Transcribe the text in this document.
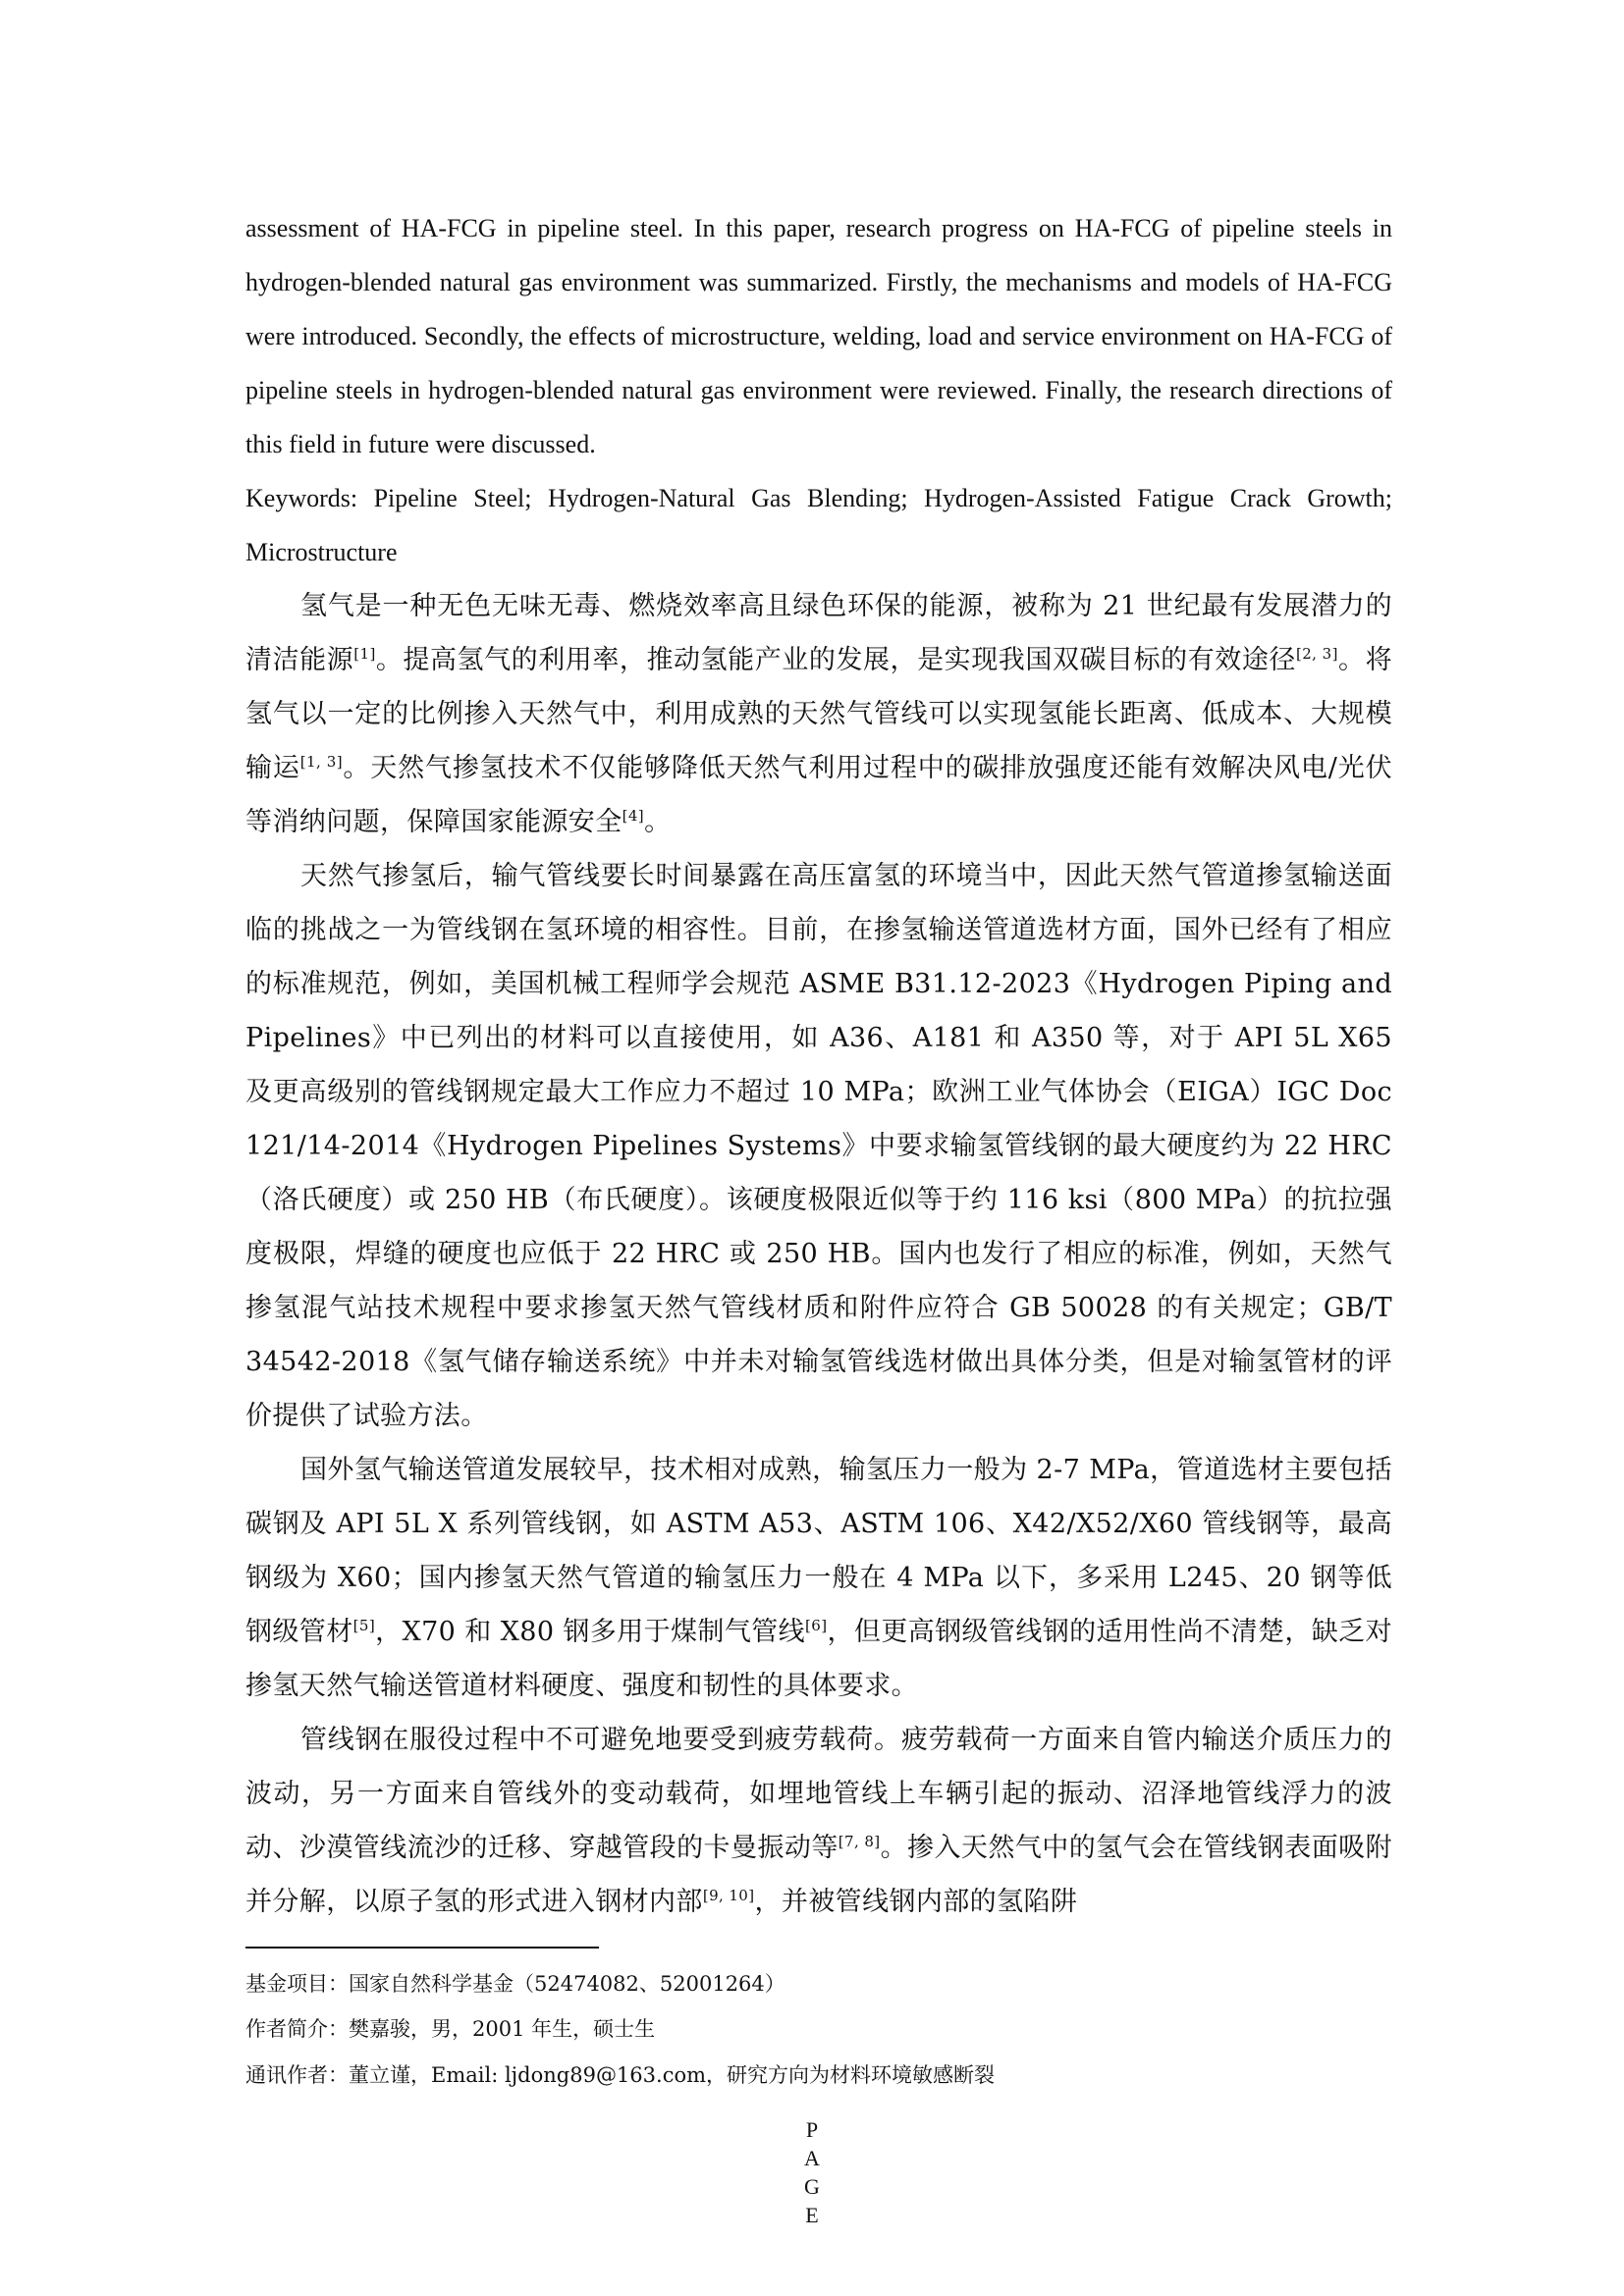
assessment of HA-FCG in pipeline steel. In this paper, research progress on HA-FCG of pipeline steels in hydrogen-blended natural gas environment was summarized. Firstly, the mechanisms and models of HA-FCG were introduced. Secondly, the effects of microstructure, welding, load and service environment on HA-FCG of pipeline steels in hydrogen-blended natural gas environment were reviewed. Finally, the research directions of this field in future were discussed.

Keywords: Pipeline Steel; Hydrogen-Natural Gas Blending; Hydrogen-Assisted Fatigue Crack Growth; Microstructure

氢气是一种无色无味无毒、燃烧效率高且绿色环保的能源，被称为 21 世纪最有发展潜力的清洁能源[1]。提高氢气的利用率，推动氢能产业的发展，是实现我国双碳目标的有效途径[2, 3]。将氢气以一定的比例掺入天然气中，利用成熟的天然气管线可以实现氢能长距离、低成本、大规模输运[1, 3]。天然气掺氢技术不仅能够降低天然气利用过程中的碳排放强度还能有效解决风电/光伏等消纳问题，保障国家能源安全[4]。

天然气掺氢后，输气管线要长时间暴露在高压富氢的环境当中，因此天然气管道掺氢输送面临的挑战之一为管线钢在氢环境的相容性。目前，在掺氢输送管道选材方面，国外已经有了相应的标准规范，例如，美国机械工程师学会规范 ASME B31.12-2023《Hydrogen Piping and Pipelines》中已列出的材料可以直接使用，如 A36、A181 和 A350 等，对于 API 5L X65 及更高级别的管线钢规定最大工作应力不超过 10 MPa；欧洲工业气体协会（EIGA）IGC Doc 121/14-2014《Hydrogen Pipelines Systems》中要求输氢管线钢的最大硬度约为 22 HRC（洛氏硬度）或 250 HB（布氏硬度）。该硬度极限近似等于约 116 ksi（800 MPa）的抗拉强度极限，焊缝的硬度也应低于 22 HRC 或 250 HB。国内也发行了相应的标准，例如，天然气掺氢混气站技术规程中要求掺氢天然气管线材质和附件应符合 GB 50028 的有关规定；GB/T 34542-2018《氢气储存输送系统》中并未对输氢管线选材做出具体分类，但是对输氢管材的评价提供了试验方法。

国外氢气输送管道发展较早，技术相对成熟，输氢压力一般为 2-7 MPa，管道选材主要包括碳钢及 API 5L X 系列管线钢，如 ASTM A53、ASTM 106、X42/X52/X60 管线钢等，最高钢级为 X60；国内掺氢天然气管道的输氢压力一般在 4 MPa 以下，多采用 L245、20 钢等低钢级管材[5]，X70 和 X80 钢多用于煤制气管线[6]，但更高钢级管线钢的适用性尚不清楚，缺乏对掺氢天然气输送管道材料硬度、强度和韧性的具体要求。

管线钢在服役过程中不可避免地要受到疲劳载荷。疲劳载荷一方面来自管内输送介质压力的波动，另一方面来自管线外的变动载荷，如埋地管线上车辆引起的振动、沼泽地管线浮力的波动、沙漠管线流沙的迁移、穿越管段的卡曼振动等[7, 8]。掺入天然气中的氢气会在管线钢表面吸附并分解，以原子氢的形式进入钢材内部[9, 10]，并被管线钢内部的氢陷阱

基金项目：国家自然科学基金（52474082、52001264）
作者简介：樊嘉骏，男，2001 年生，硕士生
通讯作者：董立谨，Email: ljdong89@163.com，研究方向为材料环境敏感断裂
P
A
G
E
